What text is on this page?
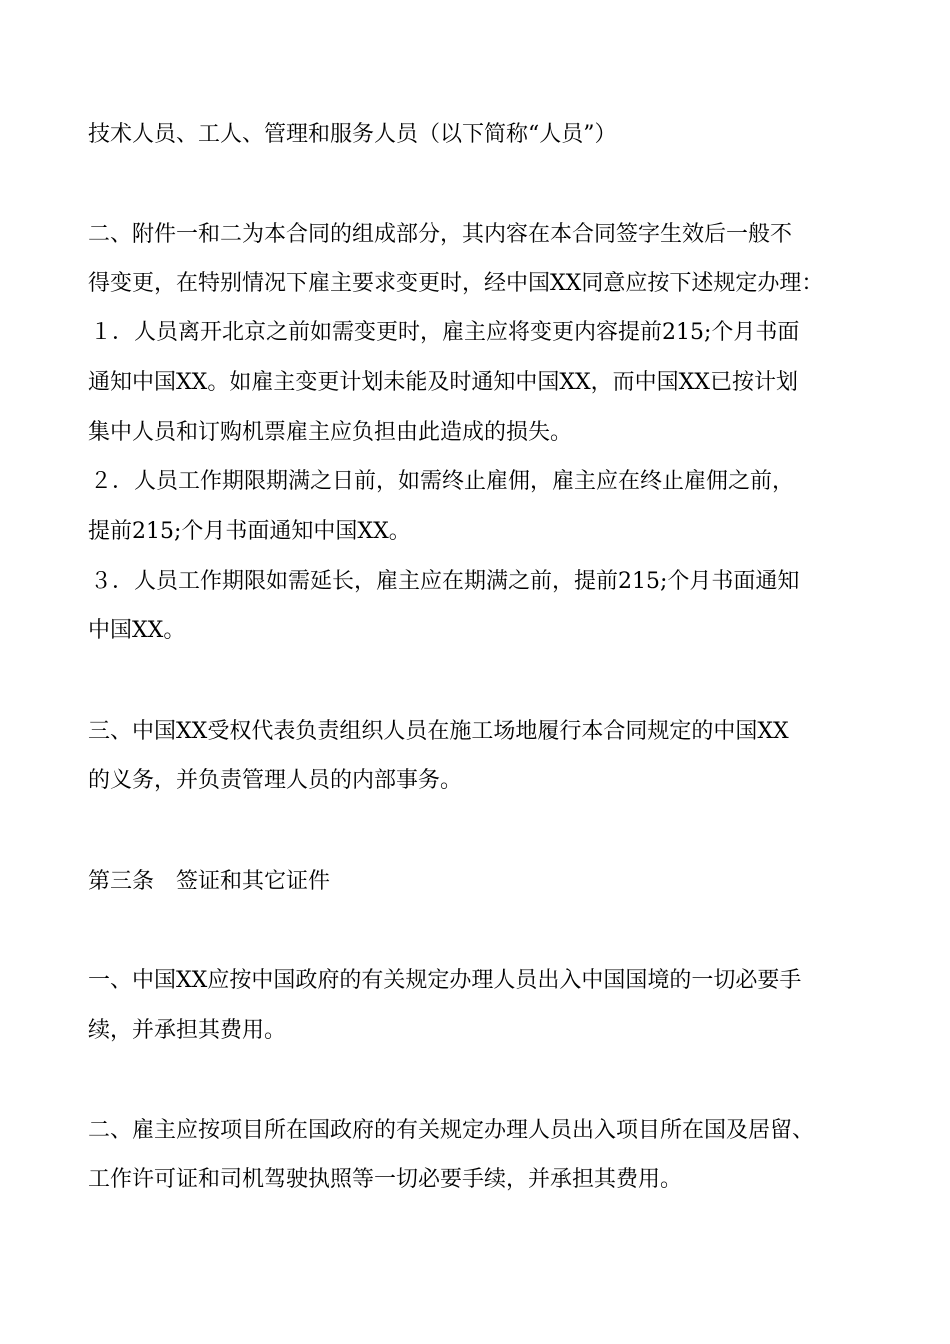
技术人员、工人、管理和服务人员（以下简称“人员”）
二、附件一和二为本合同的组成部分，其内容在本合同签字生效后一般不
得变更，在特别情况下雇主要求变更时，经中国XX同意应按下述规定办理：
１．人员离开北京之前如需变更时，雇主应将变更内容提前215;个月书面
通知中国XX。如雇主变更计划未能及时通知中国XX，而中国XX已按计划
集中人员和订购机票雇主应负担由此造成的损失。
２．人员工作期限期满之日前，如需终止雇佣，雇主应在终止雇佣之前，
提前215;个月书面通知中国XX。
３．人员工作期限如需延长，雇主应在期满之前，提前215;个月书面通知
中国XX。
三、中国XX受权代表负责组织人员在施工场地履行本合同规定的中国XX
的义务，并负责管理人员的内部事务。
第三条　签证和其它证件
一、中国XX应按中国政府的有关规定办理人员出入中国国境的一切必要手
续，并承担其费用。
二、雇主应按项目所在国政府的有关规定办理人员出入项目所在国及居留、
工作许可证和司机驾驶执照等一切必要手续，并承担其费用。
